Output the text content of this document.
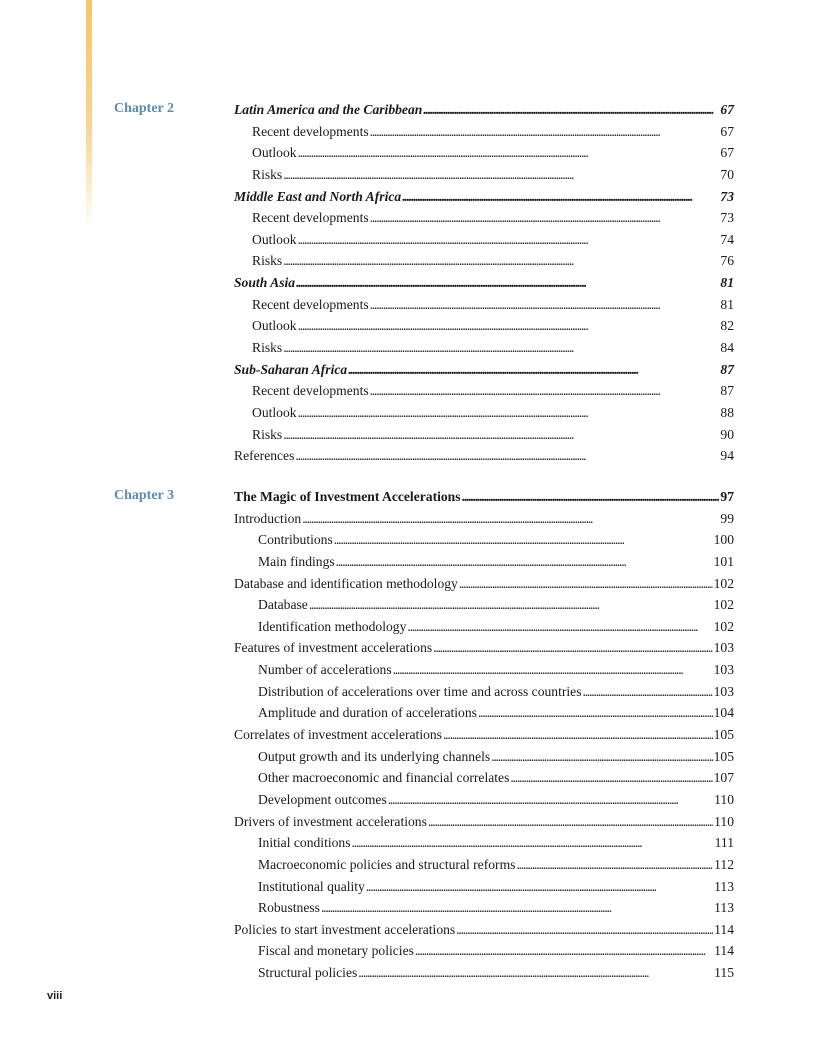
Chapter 2	Latin America and the Caribbean . . .	67
Recent developments . . .	67
Outlook . . .	67
Risks . . .	70
Middle East and North Africa . . .	73
Recent developments . . .	73
Outlook . . .	74
Risks . . .	76
South Asia . . .	81
Recent developments . . .	81
Outlook . . .	82
Risks . . .	84
Sub-Saharan Africa . . .	87
Recent developments . . .	87
Outlook . . .	88
Risks . . .	90
References . . .	94
Chapter 3	The Magic of Investment Accelerations . . .	97
Introduction . . .	99
Contributions . . .	100
Main findings . . .	101
Database and identification methodology . . .	102
Database . . .	102
Identification methodology . . .	102
Features of investment accelerations . . .	103
Number of accelerations . . .	103
Distribution of accelerations over time and across countries . . .	103
Amplitude and duration of accelerations . . .	104
Correlates of investment accelerations . . .	105
Output growth and its underlying channels . . .	105
Other macroeconomic and financial correlates . . .	107
Development outcomes . . .	110
Drivers of investment accelerations . . .	110
Initial conditions . . .	111
Macroeconomic policies and structural reforms . . .	112
Institutional quality . . .	113
Robustness . . .	113
Policies to start investment accelerations . . .	114
Fiscal and monetary policies . . .	114
Structural policies . . .	115
viii
